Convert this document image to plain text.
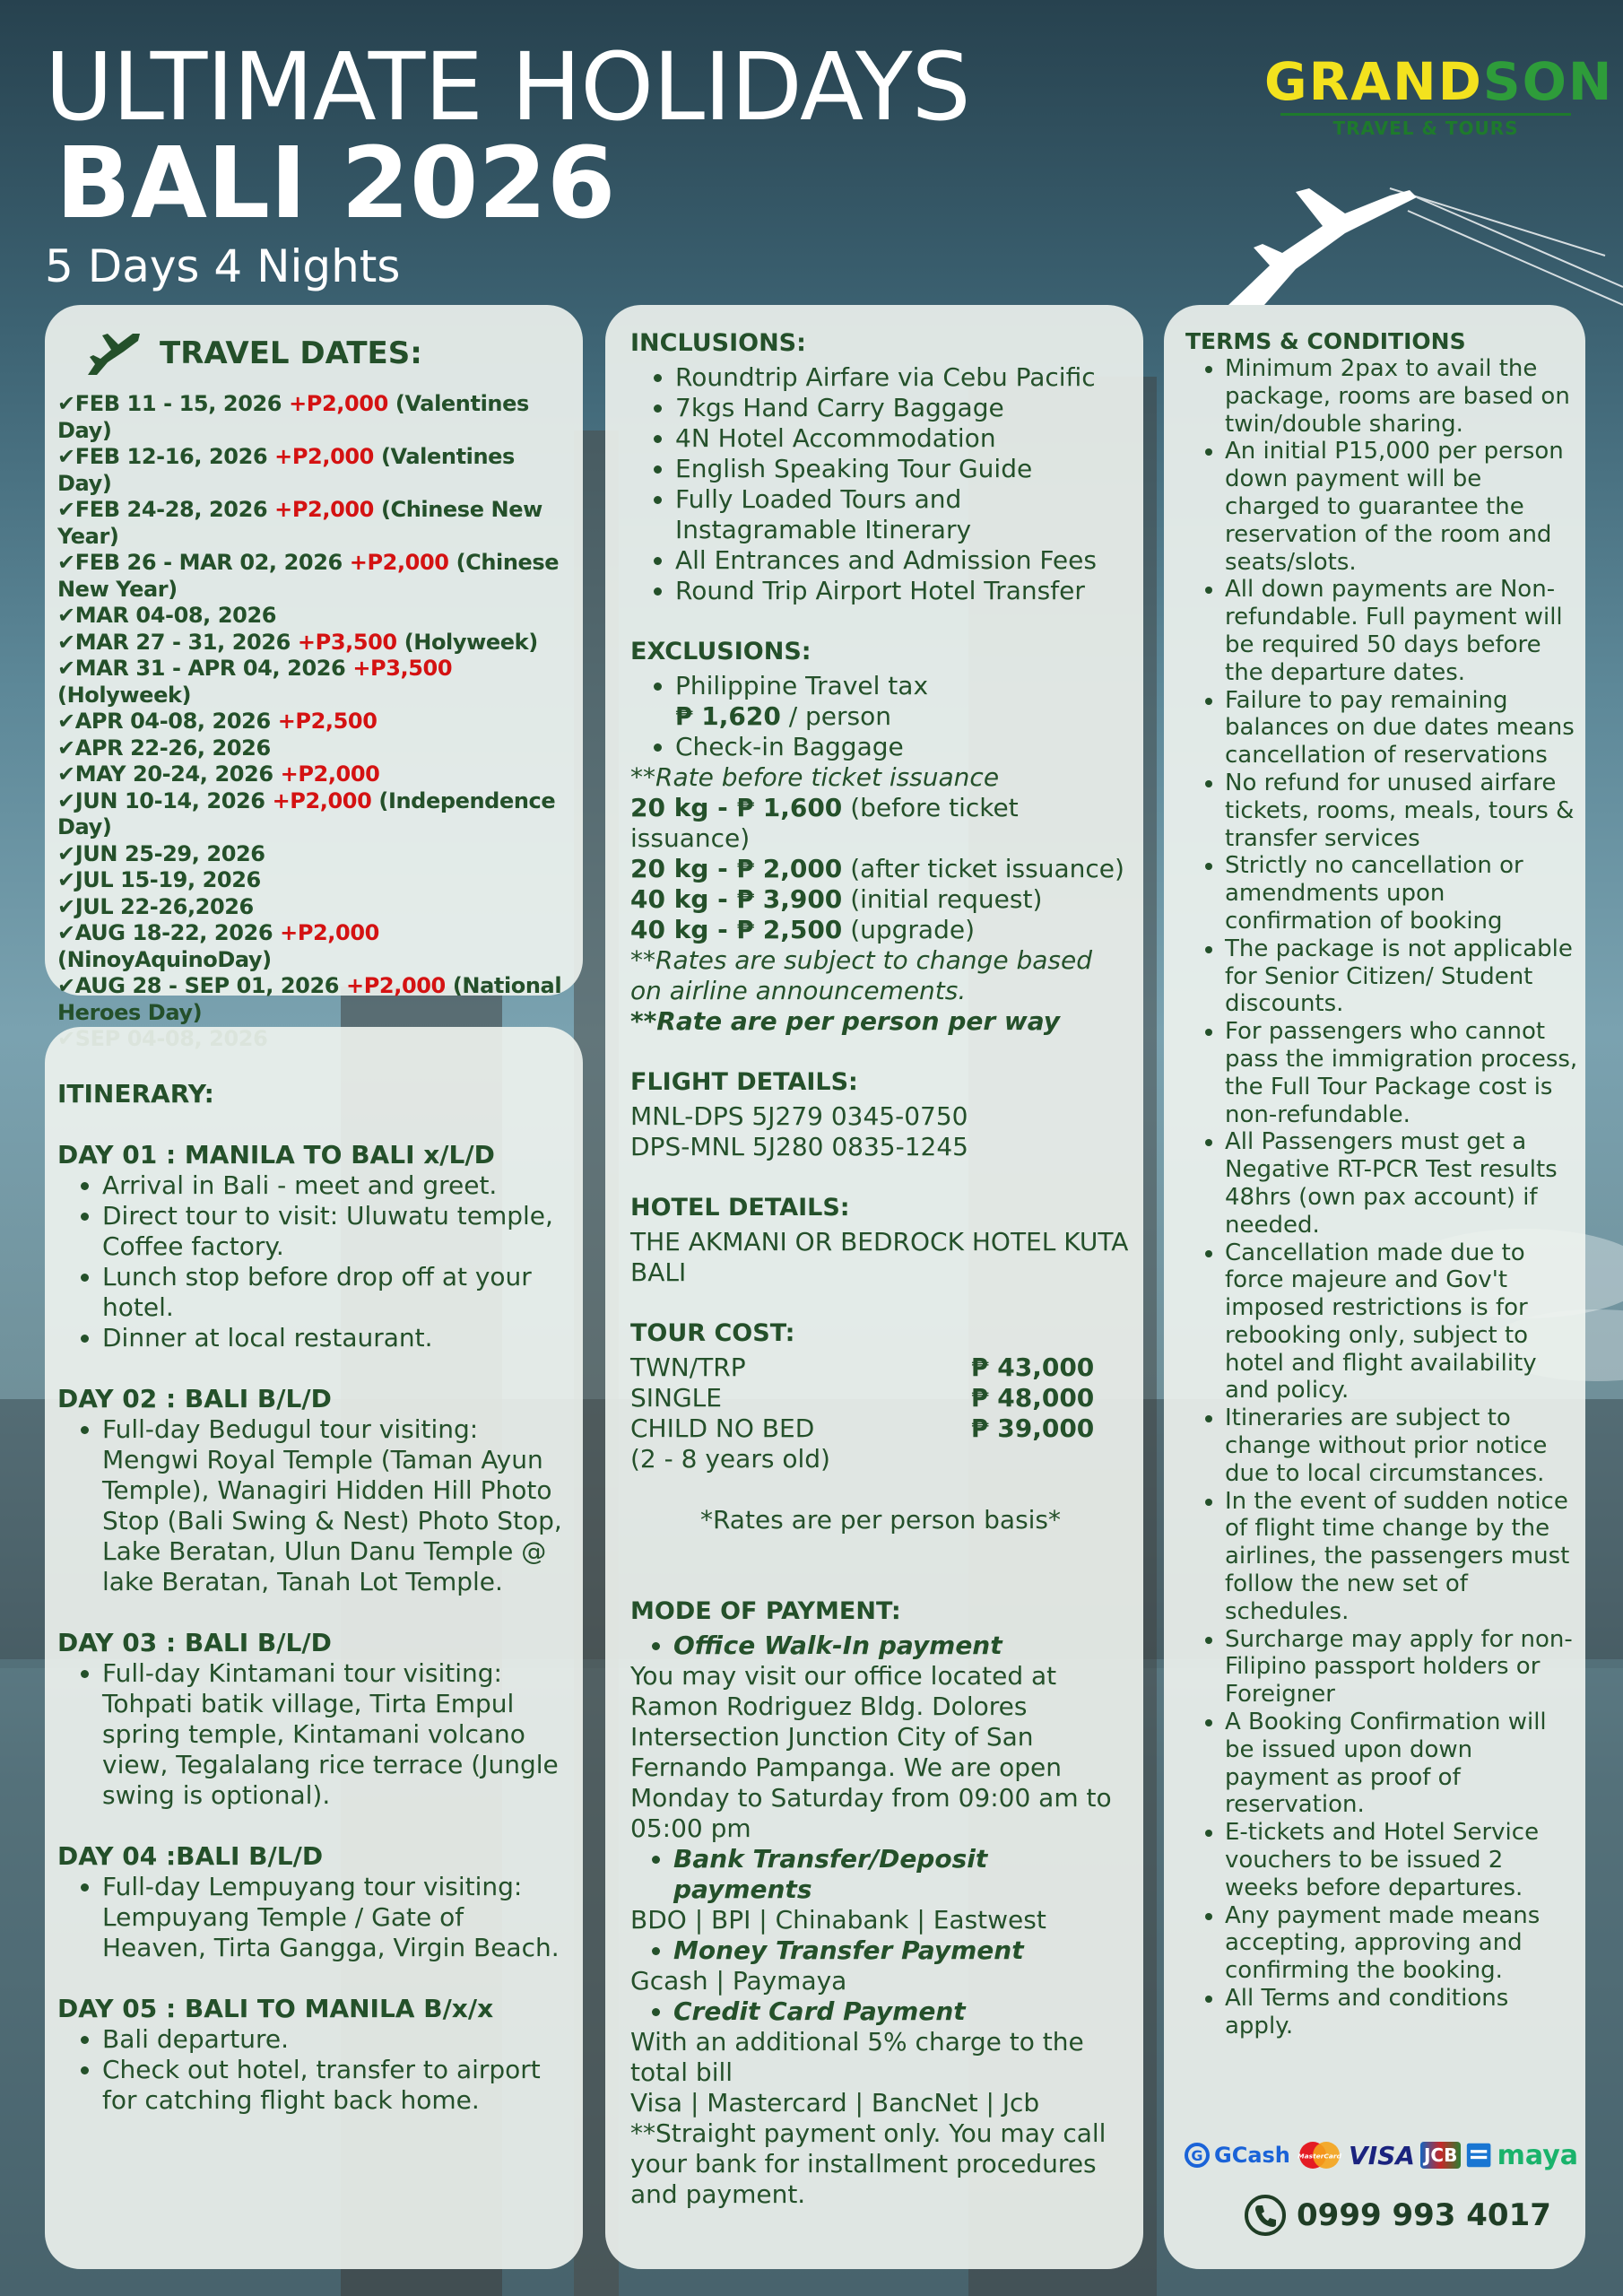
ULTIMATE HOLIDAYS
BALI 2026
5 Days 4 Nights
GRANDSON
TRAVEL & TOURS
TRAVEL DATES:
✔FEB 11 - 15, 2026 +P2,000 (Valentines Day)
✔FEB 12-16, 2026 +P2,000 (Valentines Day)
✔FEB 24-28, 2026 +P2,000 (Chinese New Year)
✔FEB 26 - MAR 02, 2026 +P2,000 (Chinese New Year)
✔MAR 04-08, 2026
✔MAR 27 - 31, 2026 +P3,500 (Holyweek)
✔MAR 31 - APR 04, 2026 +P3,500 (Holyweek)
✔APR 04-08, 2026 +P2,500
✔APR 22-26, 2026
✔MAY 20-24, 2026 +P2,000
✔JUN 10-14, 2026 +P2,000 (Independence Day)
✔JUN 25-29, 2026
✔JUL 15-19, 2026
✔JUL 22-26,2026
✔AUG 18-22, 2026 +P2,000 (NinoyAquinoDay)
✔AUG 28 - SEP 01, 2026 +P2,000 (National Heroes Day)
ITINERARY:
DAY 01 : MANILA TO BALI x/L/D
• Arrival in Bali - meet and greet.
• Direct tour to visit: Uluwatu temple, Coffee factory.
• Lunch stop before drop off at your hotel.
• Dinner at local restaurant.
DAY 02 : BALI B/L/D
• Full-day Bedugul tour visiting: Mengwi Royal Temple (Taman Ayun Temple), Wanagiri Hidden Hill Photo Stop (Bali Swing & Nest) Photo Stop, Lake Beratan, Ulun Danu Temple @ lake Beratan, Tanah Lot Temple.
DAY 03 : BALI B/L/D
• Full-day Kintamani tour visiting: Tohpati batik village, Tirta Empul spring temple, Kintamani volcano view, Tegalalang rice terrace (Jungle swing is optional).
DAY 04 :BALI B/L/D
• Full-day Lempuyang tour visiting: Lempuyang Temple / Gate of Heaven, Tirta Gangga, Virgin Beach.
DAY 05 : BALI TO MANILA B/x/x
• Bali departure.
• Check out hotel, transfer to airport for catching flight back home.
INCLUSIONS:
• Roundtrip Airfare via Cebu Pacific
• 7kgs Hand Carry Baggage
• 4N Hotel Accommodation
• English Speaking Tour Guide
• Fully Loaded Tours and Instagramable Itinerary
• All Entrances and Admission Fees
• Round Trip Airport Hotel Transfer
EXCLUSIONS:
• Philippine Travel tax
₱ 1,620 / person
• Check-in Baggage
**Rate before ticket issuance
20 kg - ₱ 1,600 (before ticket issuance)
20 kg - ₱ 2,000 (after ticket issuance)
40 kg - ₱ 3,900 (initial request)
40 kg - ₱ 2,500 (upgrade)
**Rates are subject to change based on airline announcements.
**Rate are per person per way
FLIGHT DETAILS:
MNL-DPS 5J279 0345-0750
DPS-MNL 5J280 0835-1245
HOTEL DETAILS:
THE AKMANI OR BEDROCK HOTEL KUTA BALI
TOUR COST:
TWN/TRP	₱ 43,000
SINGLE	₱ 48,000
CHILD NO BED	₱ 39,000
(2 - 8 years old)
*Rates are per person basis*
MODE OF PAYMENT:
• Office Walk-In payment
You may visit our office located at Ramon Rodriguez Bldg. Dolores Intersection Junction City of San Fernando Pampanga. We are open Monday to Saturday from 09:00 am to 05:00 pm
• Bank Transfer/Deposit payments
BDO | BPI | Chinabank | Eastwest
• Money Transfer Payment
Gcash | Paymaya
• Credit Card Payment
With an additional 5% charge to the total bill
Visa | Mastercard | BancNet | Jcb
**Straight payment only. You may call your bank for installment procedures and payment.
TERMS & CONDITIONS
• Minimum 2pax to avail the package, rooms are based on twin/double sharing.
• An initial P15,000 per person down payment will be charged to guarantee the reservation of the room and seats/slots.
• All down payments are Non-refundable. Full payment will be required 50 days before the departure dates.
• Failure to pay remaining balances on due dates means cancellation of reservations
• No refund for unused airfare tickets, rooms, meals, tours & transfer services
• Strictly no cancellation or amendments upon confirmation of booking
• The package is not applicable for Senior Citizen/ Student discounts.
• For passengers who cannot pass the immigration process, the Full Tour Package cost is non-refundable.
• All Passengers must get a Negative RT-PCR Test results 48hrs (own pax account) if needed.
• Cancellation made due to force majeure and Gov't imposed restrictions is for rebooking only, subject to hotel and flight availability and policy.
• Itineraries are subject to change without prior notice due to local circumstances.
• In the event of sudden notice of flight time change by the airlines, the passengers must follow the new set of schedules.
• Surcharge may apply for non-Filipino passport holders or Foreigner
• A Booking Confirmation will be issued upon down payment as proof of reservation.
• E-tickets and Hotel Service vouchers to be issued 2 weeks before departures.
• Any payment made means accepting, approving and confirming the booking.
• All Terms and conditions apply.
G GCash MasterCard VISA JCB maya
0999 993 4017
